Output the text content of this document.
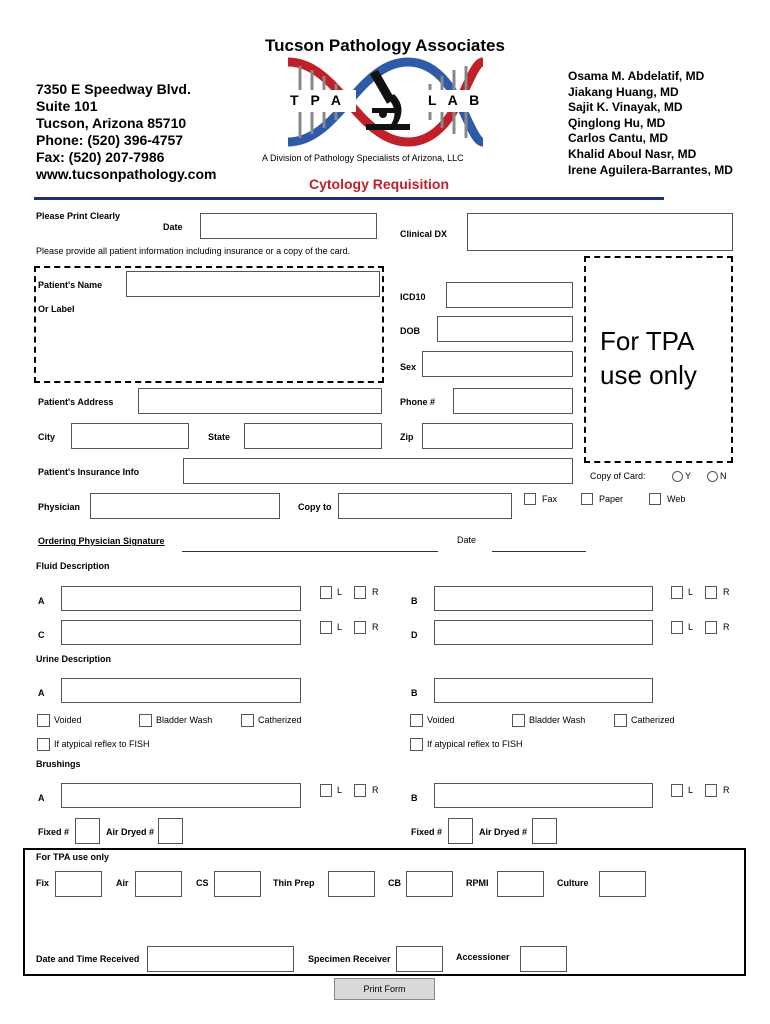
Tucson Pathology Associates
7350 E Speedway Blvd.
Suite 101
Tucson, Arizona 85710
Phone: (520) 396-4757
Fax: (520) 207-7986
www.tucsonpathology.com
T P A	L A B
A Division of Pathology Specialists of Arizona, LLC
Cytology Requisition
Osama M. Abdelatif, MD
Jiakang Huang, MD
Sajit K. Vinayak, MD
Qinglong Hu, MD
Carlos Cantu, MD
Khalid Aboul Nasr, MD
Irene Aguilera-Barrantes, MD
Please Print Clearly
Date
Clinical DX
Please provide all patient information including insurance or a copy of the card.
Patient's Name
Or Label
ICD10
DOB
Sex
For TPA use only
Patient's Address	Phone #
City	State	Zip
Patient's Insurance Info	Copy of Card:	Y	N
Physician	Copy to
Fax	Paper	Web
Ordering Physician Signature	Date
Fluid Description
A
L	R
B
L	R
C
L	R
D
L	R
Urine Description
A	B
Voided	Bladder Wash	Catherized	Voided	Bladder Wash	Catherized
If atypical reflex to FISH	If atypical reflex to FISH
Brushings
A
L	R
B
L	R
Fixed #	Air Dryed #	Fixed #	Air Dryed #
For TPA use only
Fix	Air	CS	Thin Prep	CB	RPMI	Culture
Date and Time Received	Specimen Receiver	Accessioner
Print Form
